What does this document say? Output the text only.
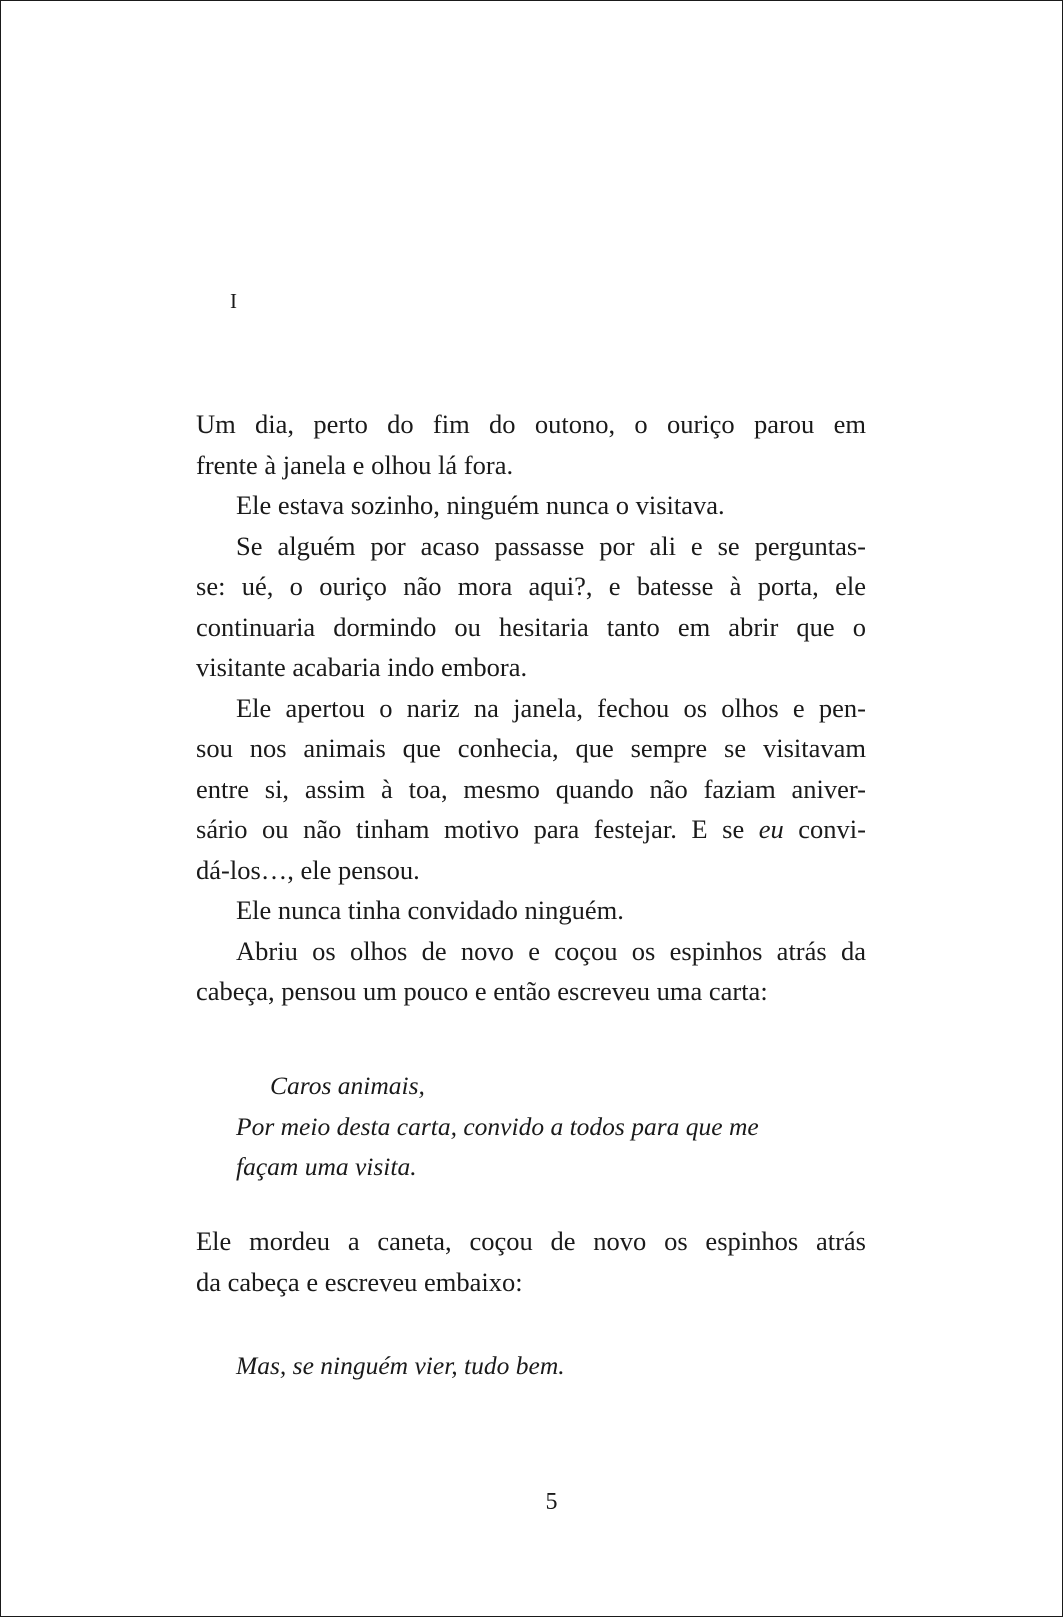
I

Um dia, perto do fim do outono, o ouriço parou em
frente à janela e olhou lá fora.

Ele estava sozinho, ninguém nunca o visitava.

Se alguém por acaso passasse por ali e se perguntas-
se: ué, o ouriço não mora aqui?, e batesse à porta, ele
continuaria dormindo ou hesitaria tanto em abrir que o
visitante acabaria indo embora.

Ele apertou o nariz na janela, fechou os olhos e pen-
sou nos animais que conhecia, que sempre se visitavam
entre si, assim à toa, mesmo quando não faziam aniver-
sário ou não tinham motivo para festejar. E se eu convi-
dá-los…, ele pensou.

Ele nunca tinha convidado ninguém.

Abriu os olhos de novo e coçou os espinhos atrás da
cabeça, pensou um pouco e então escreveu uma carta:

Caros animais,
Por meio desta carta, convido a todos para que me
façam uma visita.

Ele mordeu a caneta, coçou de novo os espinhos atrás
da cabeça e escreveu embaixo:

Mas, se ninguém vier, tudo bem.
5
